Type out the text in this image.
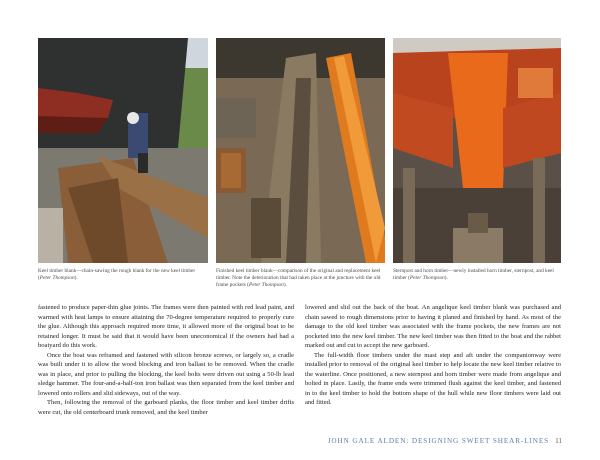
Keel timber blank—chain-sawing the rough blank for the new keel timber (Peter Thompson).
Finished keel timber blank—comparison of the original and replacement keel timber. Note the deterioration that had taken place at the juncture with the old frame pockets (Peter Thompson).
Sternpost and horn timber—newly installed horn timber, sternpost, and keel timber (Peter Thompson).

fastened to produce paper-thin glue joints. The frames were then painted with red lead paint, and warmed with heat lamps to ensure attaining the 70-degree temperature required to properly cure the glue. Although this approach required more time, it allowed more of the original boat to be retained longer. It must be said that it would have been uneconomical if the owners had had a boatyard do this work.

Once the boat was reframed and fastened with silicon bronze screws, or largely so, a cradle was built under it to allow the wood blocking and iron ballast to be removed. When the cradle was in place, and prior to pulling the blocking, the keel bolts were driven out using a 50-lb lead sledge hammer. The four-and-a-half-ton iron ballast was then separated from the keel timber and lowered onto rollers and slid sideways, out of the way.

Then, following the removal of the garboard planks, the floor timber and keel timber drifts were cut, the old centerboard trunk removed, and the keel timber

lowered and slid out the back of the boat. An angelique keel timber blank was purchased and chain sawed to rough dimensions prior to having it planed and finished by hand. As most of the damage to the old keel timber was associated with the frame pockets, the new frames are not pocketed into the new keel timber. The new keel timber was then fitted to the boat and the rabbet marked out and cut to accept the new garboard.

The full-width floor timbers under the mast step and aft under the companionway were installed prior to removal of the original keel timber to help locate the new keel timber relative to the waterline. Once positioned, a new sternpost and horn timber were made from angelique and bolted in place. Lastly, the frame ends were trimmed flush against the keel timber, and fastened in to the keel timber to hold the bottom shape of the hull while new floor timbers were laid out and fitted.

JOHN GALE ALDEN: DESIGNING SWEET SHEAR-LINES 11
